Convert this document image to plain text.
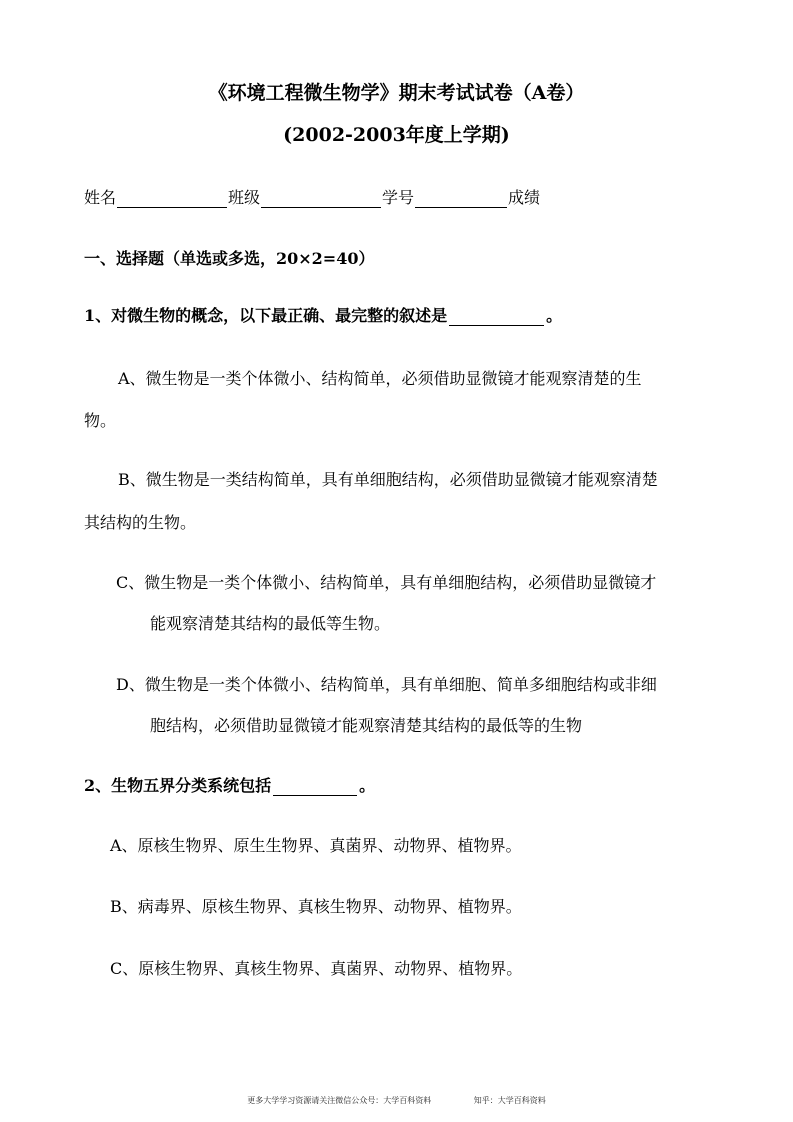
《环境工程微生物学》期末考试试卷（A卷）
(2002-2003年度上学期)
姓名	班级	学号	成绩
一、选择题（单选或多选，20×2=40）
1、对微生物的概念，以下最正确、最完整的叙述是	。
A、微生物是一类个体微小、结构简单，必须借助显微镜才能观察清楚的生
物。
B、微生物是一类结构简单，具有单细胞结构，必须借助显微镜才能观察清楚
其结构的生物。
C、微生物是一类个体微小、结构简单，具有单细胞结构，必须借助显微镜才
能观察清楚其结构的最低等生物。
D、微生物是一类个体微小、结构简单，具有单细胞、简单多细胞结构或非细
胞结构，必须借助显微镜才能观察清楚其结构的最低等的生物
2、生物五界分类系统包括	。
A、原核生物界、原生生物界、真菌界、动物界、植物界。
B、病毒界、原核生物界、真核生物界、动物界、植物界。
C、原核生物界、真核生物界、真菌界、动物界、植物界。
更多大学学习资源请关注微信公众号：大学百科资料	知乎：大学百科资料
